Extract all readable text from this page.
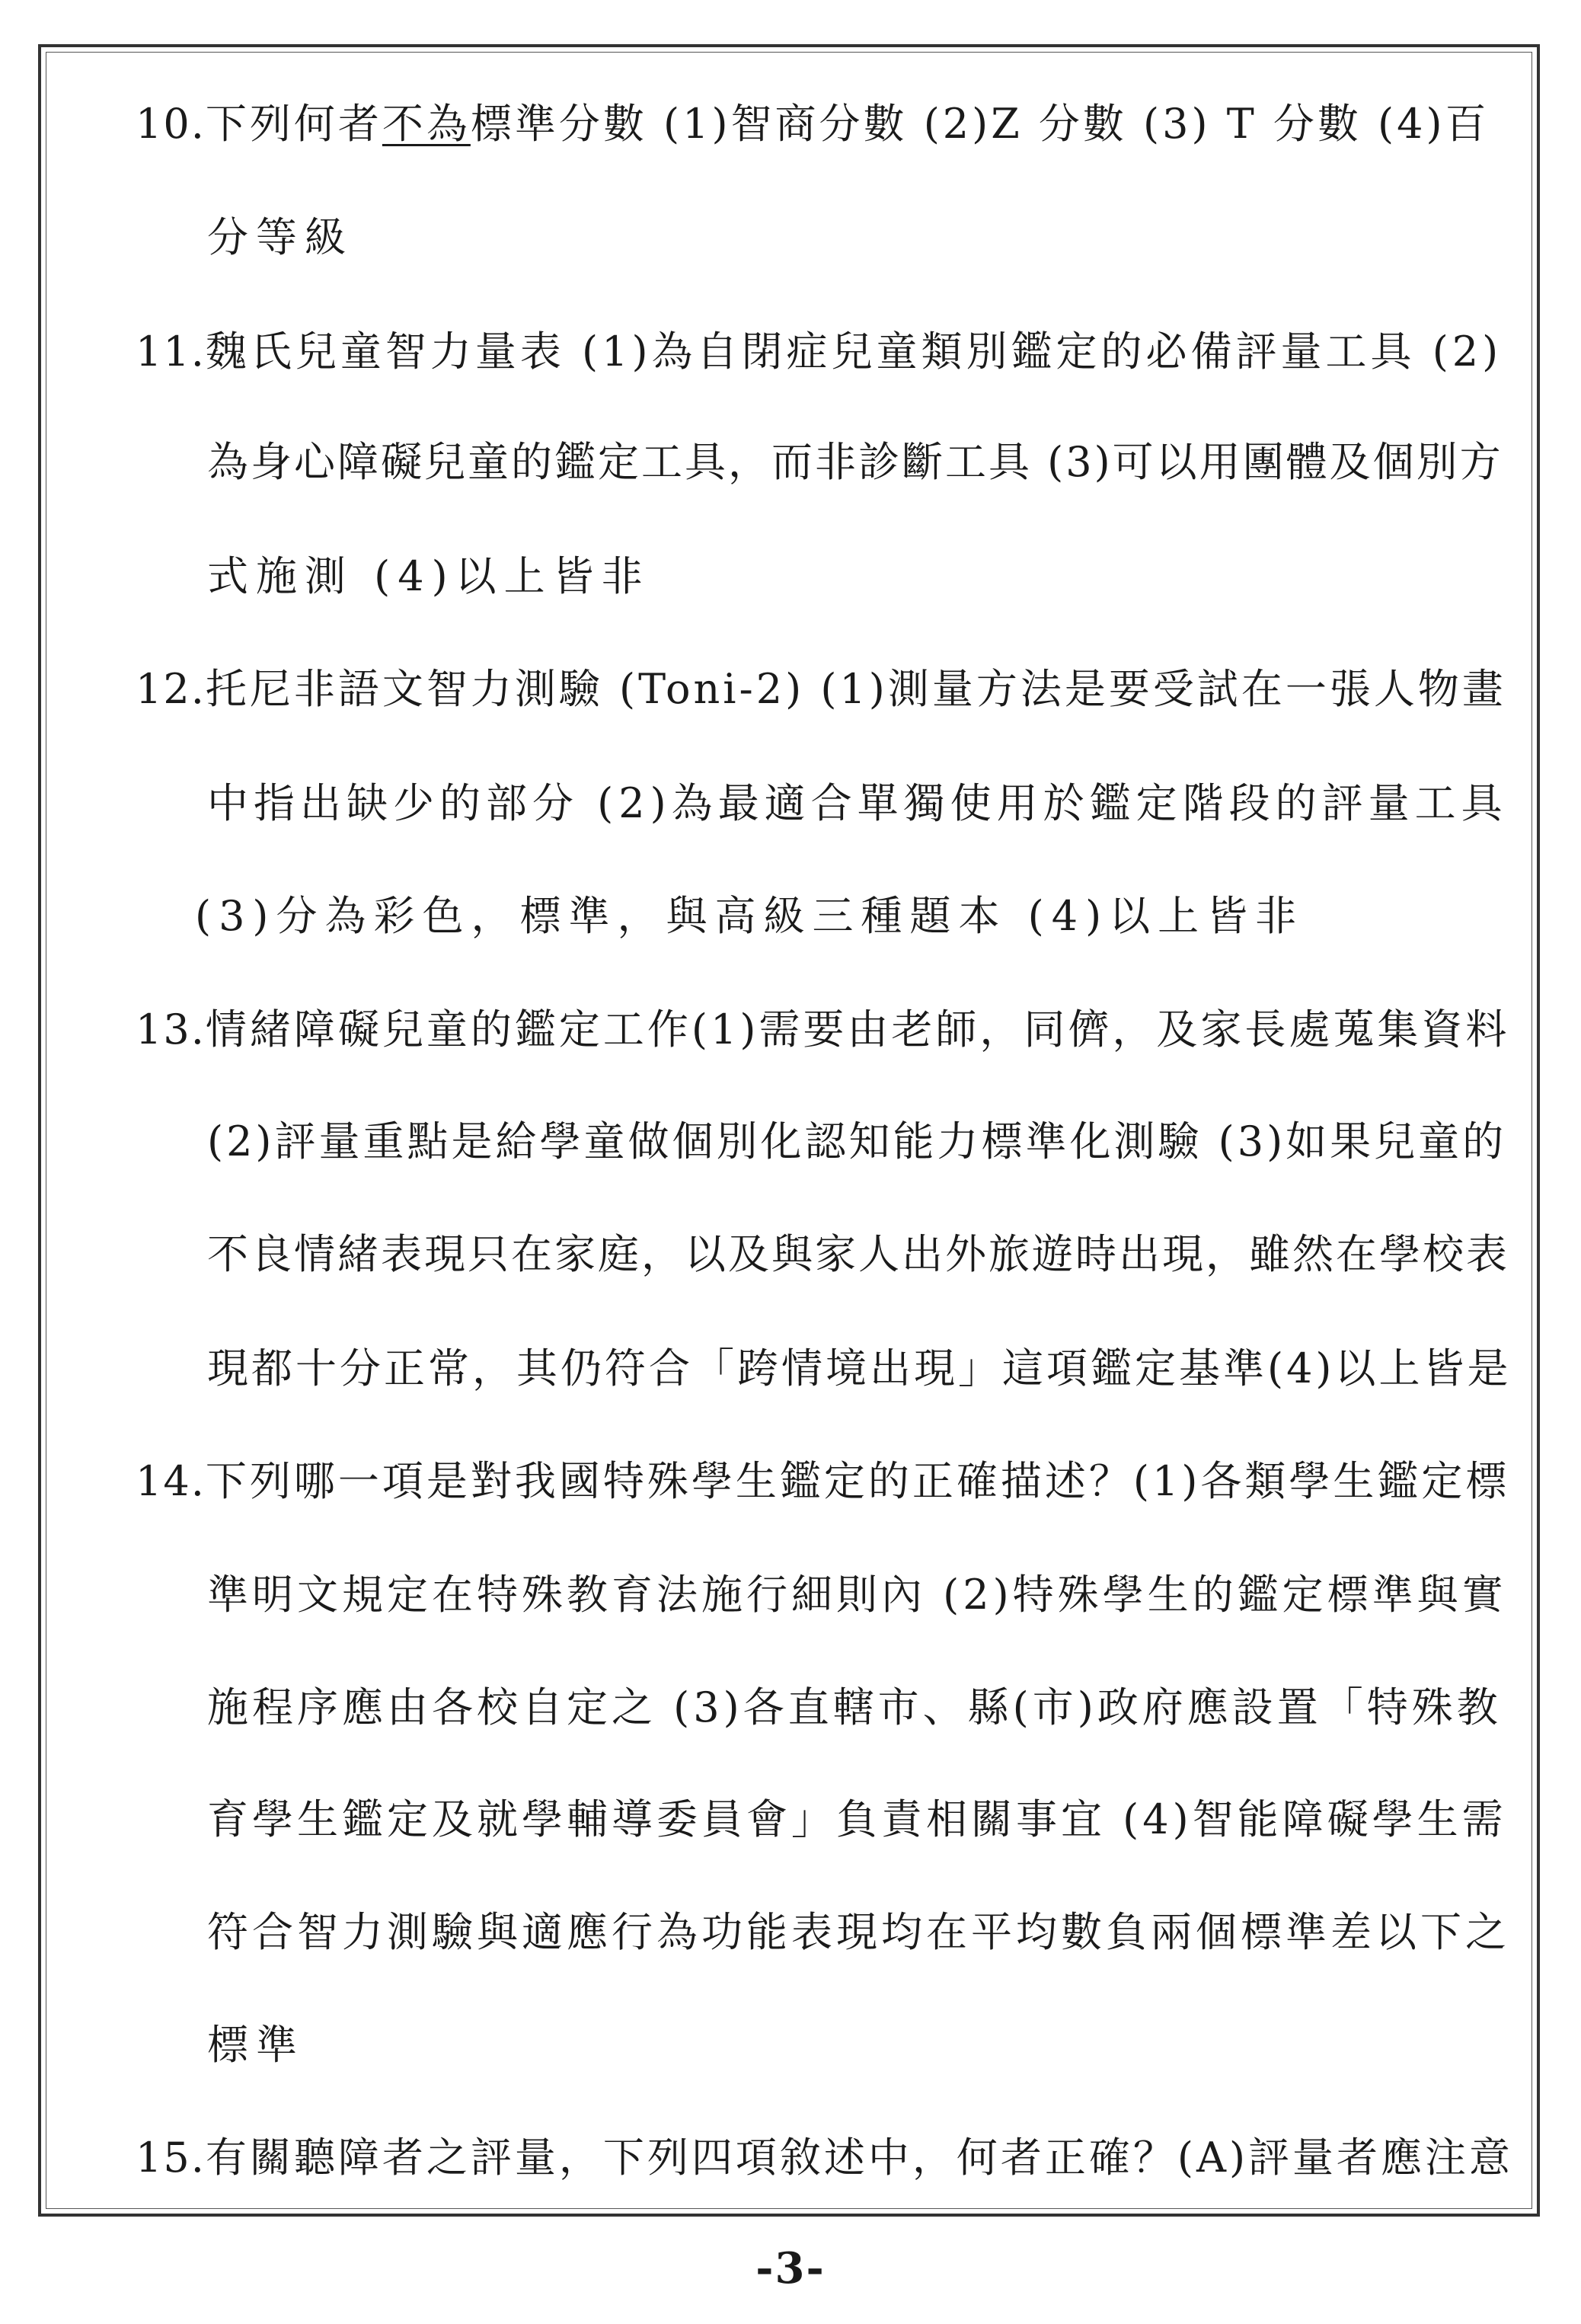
10.下列何者不為標準分數 (1)智商分數 (2)Z 分數 (3) T 分數 (4)百
分等級
11.魏氏兒童智力量表 (1)為自閉症兒童類別鑑定的必備評量工具 (2)
為身心障礙兒童的鑑定工具，而非診斷工具 (3)可以用團體及個別方
式施測 (4)以上皆非
12.托尼非語文智力測驗 (Toni-2) (1)測量方法是要受試在一張人物畫
中指出缺少的部分 (2)為最適合單獨使用於鑑定階段的評量工具
(3)分為彩色，標準，與高級三種題本 (4)以上皆非
13.情緒障礙兒童的鑑定工作(1)需要由老師，同儕，及家長處蒐集資料
(2)評量重點是給學童做個別化認知能力標準化測驗 (3)如果兒童的
不良情緒表現只在家庭，以及與家人出外旅遊時出現，雖然在學校表
現都十分正常，其仍符合「跨情境出現」這項鑑定基準(4)以上皆是
14.下列哪一項是對我國特殊學生鑑定的正確描述？(1)各類學生鑑定標
準明文規定在特殊教育法施行細則內 (2)特殊學生的鑑定標準與實
施程序應由各校自定之 (3)各直轄市、縣(市)政府應設置「特殊教
育學生鑑定及就學輔導委員會」負責相關事宜 (4)智能障礙學生需
符合智力測驗與適應行為功能表現均在平均數負兩個標準差以下之
標準
15.有關聽障者之評量，下列四項敘述中，何者正確？(A)評量者應注意
-3-
